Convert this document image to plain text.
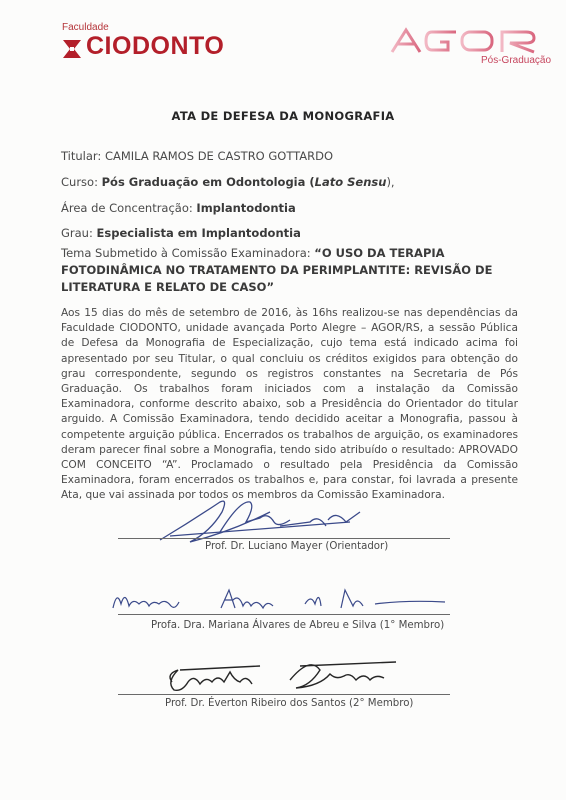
Faculdade
CIODONTO
Pós-Graduação
ATA DE DEFESA DA MONOGRAFIA
Titular: CAMILA RAMOS DE CASTRO GOTTARDO
Curso: Pós Graduação em Odontologia (Lato Sensu),
Área de Concentração: Implantodontia
Grau: Especialista em Implantodontia
Tema Submetido à Comissão Examinadora: “O USO DA TERAPIA FOTODINÂMICA NO TRATAMENTO DA PERIMPLANTITE: REVISÃO DE LITERATURA E RELATO DE CASO”
Aos 15 dias do mês de setembro de 2016, às 16hs realizou-se nas dependências da Faculdade CIODONTO, unidade avançada Porto Alegre – AGOR/RS, a sessão Pública de Defesa da Monografia de Especialização, cujo tema está indicado acima foi apresentado por seu Titular, o qual concluiu os créditos exigidos para obtenção do grau correspondente, segundo os registros constantes na Secretaria de Pós Graduação. Os trabalhos foram iniciados com a instalação da Comissão Examinadora, conforme descrito abaixo, sob a Presidência do Orientador do titular arguido. A Comissão Examinadora, tendo decidido aceitar a Monografia, passou à competente arguição pública. Encerrados os trabalhos de arguição, os examinadores deram parecer final sobre a Monografia, tendo sido atribuído o resultado: APROVADO COM CONCEITO “A”. Proclamado o resultado pela Presidência da Comissão Examinadora, foram encerrados os trabalhos e, para constar, foi lavrada a presente Ata, que vai assinada por todos os membros da Comissão Examinadora.
Prof. Dr. Luciano Mayer (Orientador)
Profa. Dra. Mariana Álvares de Abreu e Silva (1° Membro)
Prof. Dr. Éverton Ribeiro dos Santos (2° Membro)
